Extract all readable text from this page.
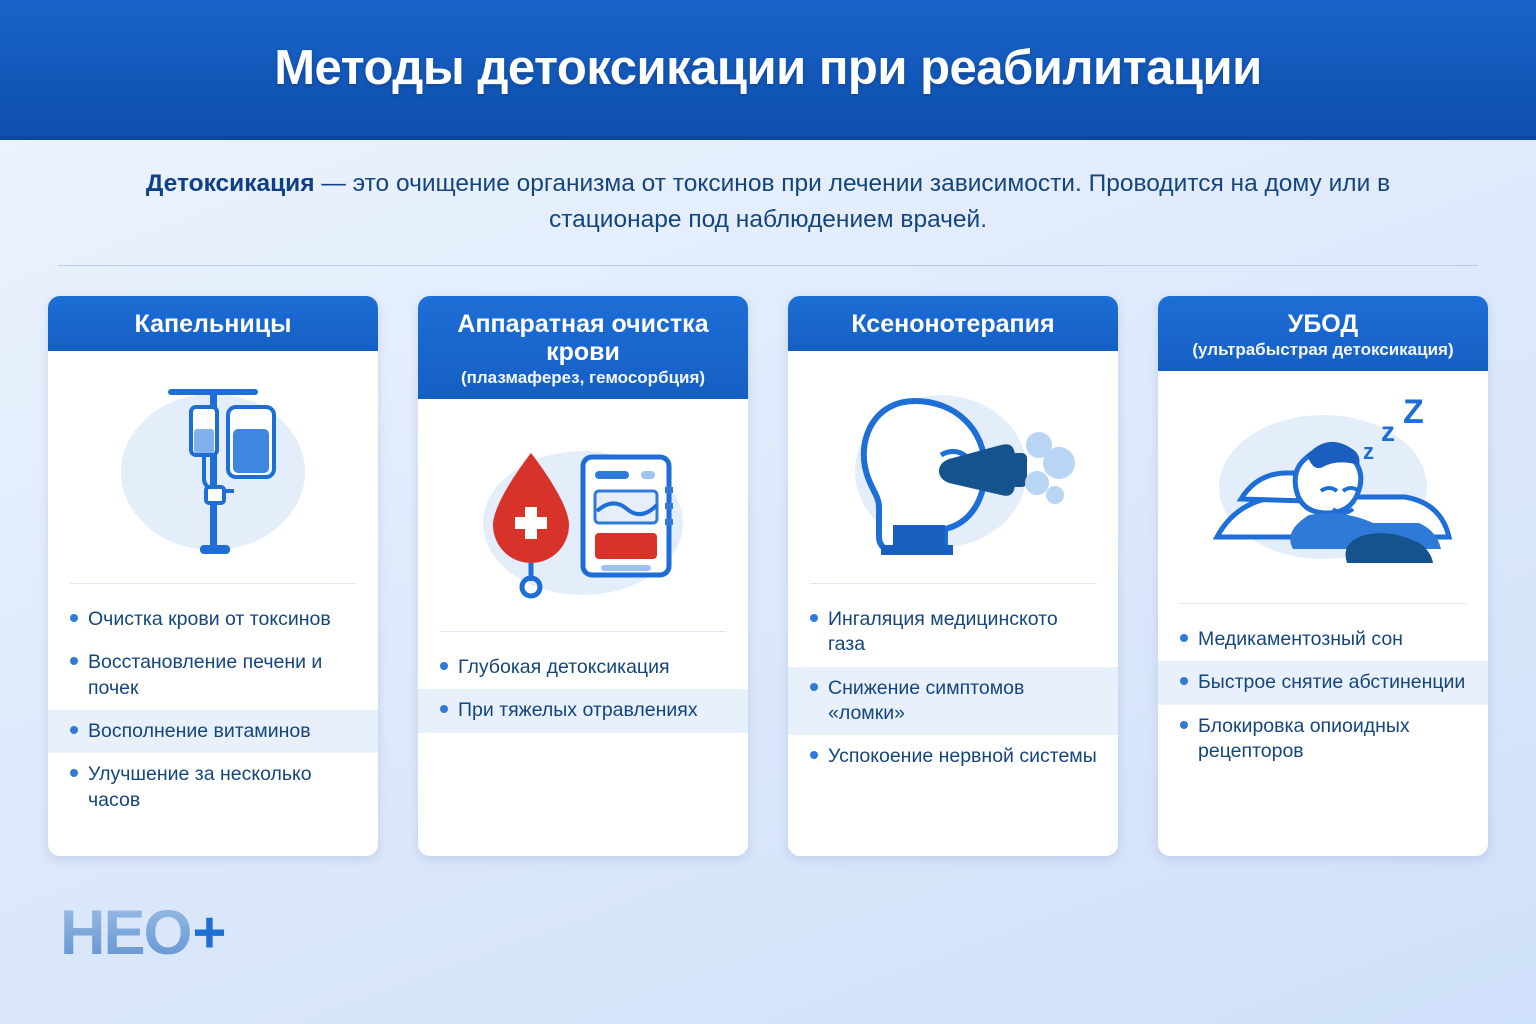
Методы детоксикации при реабилитации
Детоксикация — это очищение организма от токсинов при лечении зависимости. Проводится на дому или в стационаре под наблюдением врачей.
Капельницы
Очистка крови от токсинов
Восстановление печени и почек
Восполнение витаминов
Улучшение за несколько часов
Аппаратная очистка крови
(плазмаферез, гемосорбция)
Глубокая детоксикация
При тяжелых отравлениях
Ксенонотерапия
Ингаляция медицинското газа
Снижение симптомов «ломки»
Успокоение нервной системы
УБОД
(ультрабыстрая детоксикация)
z
z
Z
Медикаментозный сон
Быстрое снятие абстиненции
Блокировка опиоидных рецепторов
HEO +
